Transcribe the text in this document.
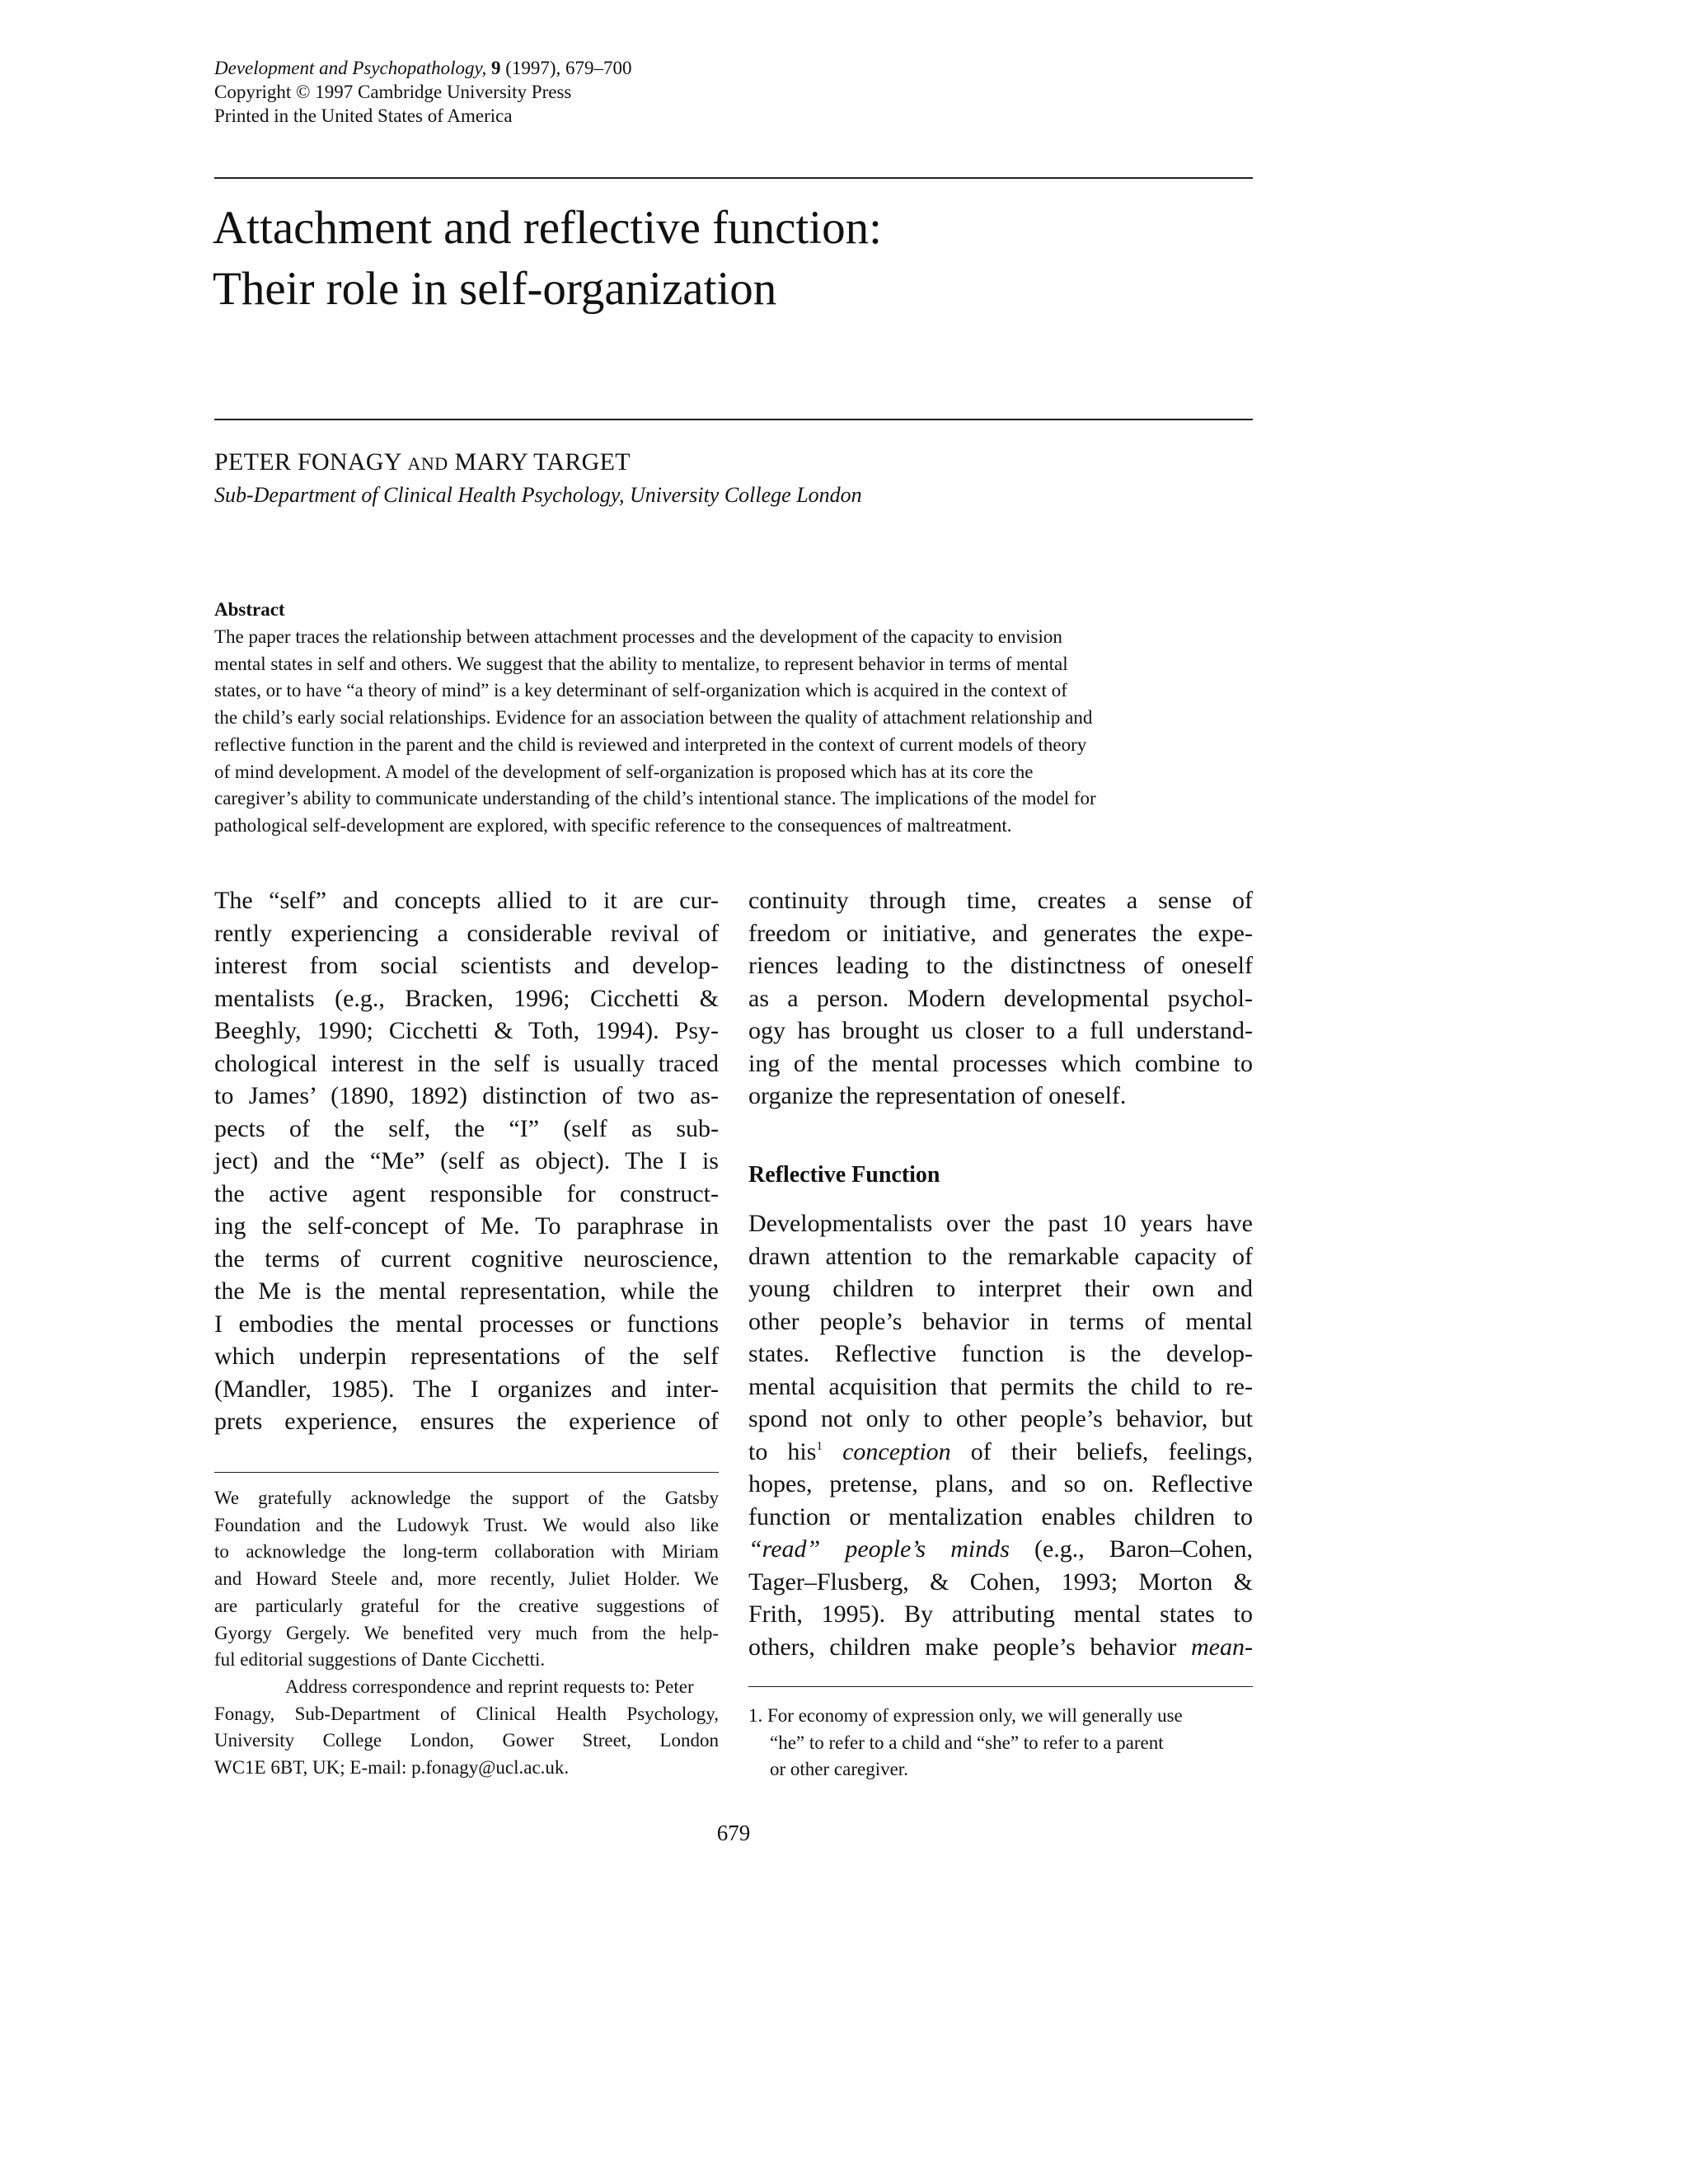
Development and Psychopathology, 9 (1997), 679–700
Copyright © 1997 Cambridge University Press
Printed in the United States of America
Attachment and reflective function:
Their role in self-organization
PETER FONAGY AND MARY TARGET
Sub-Department of Clinical Health Psychology, University College London
Abstract
The paper traces the relationship between attachment processes and the development of the capacity to envision
mental states in self and others. We suggest that the ability to mentalize, to represent behavior in terms of mental
states, or to have “a theory of mind” is a key determinant of self-organization which is acquired in the context of
the child’s early social relationships. Evidence for an association between the quality of attachment relationship and
reflective function in the parent and the child is reviewed and interpreted in the context of current models of theory
of mind development. A model of the development of self-organization is proposed which has at its core the
caregiver’s ability to communicate understanding of the child’s intentional stance. The implications of the model for
pathological self-development are explored, with specific reference to the consequences of maltreatment.
The “self” and concepts allied to it are cur-
rently experiencing a considerable revival of
interest from social scientists and develop-
mentalists (e.g., Bracken, 1996; Cicchetti &
Beeghly, 1990; Cicchetti & Toth, 1994). Psy-
chological interest in the self is usually traced
to James’ (1890, 1892) distinction of two as-
pects of the self, the “I” (self as sub-
ject) and the “Me” (self as object). The I is
the active agent responsible for construct-
ing the self-concept of Me. To paraphrase in
the terms of current cognitive neuroscience,
the Me is the mental representation, while the
I embodies the mental processes or functions
which underpin representations of the self
(Mandler, 1985). The I organizes and inter-
prets experience, ensures the experience of
continuity through time, creates a sense of
freedom or initiative, and generates the expe-
riences leading to the distinctness of oneself
as a person. Modern developmental psychol-
ogy has brought us closer to a full understand-
ing of the mental processes which combine to
organize the representation of oneself.
Reflective Function
Developmentalists over the past 10 years have
drawn attention to the remarkable capacity of
young children to interpret their own and
other people’s behavior in terms of mental
states. Reflective function is the develop-
mental acquisition that permits the child to re-
spond not only to other people’s behavior, but
to his$^1$ conception of their beliefs, feelings,
hopes, pretense, plans, and so on. Reflective
function or mentalization enables children to
“read” people’s minds (e.g., Baron–Cohen,
Tager–Flusberg, & Cohen, 1993; Morton &
Frith, 1995). By attributing mental states to
others, children make people’s behavior mean-
We gratefully acknowledge the support of the Gatsby
Foundation and the Ludowyk Trust. We would also like
to acknowledge the long-term collaboration with Miriam
and Howard Steele and, more recently, Juliet Holder. We
are particularly grateful for the creative suggestions of
Gyorgy Gergely. We benefited very much from the help-
ful editorial suggestions of Dante Cicchetti.
Address correspondence and reprint requests to: Peter
Fonagy, Sub-Department of Clinical Health Psychology,
University College London, Gower Street, London
WC1E 6BT, UK; E-mail: p.fonagy@ucl.ac.uk.
1. For economy of expression only, we will generally use
“he” to refer to a child and “she” to refer to a parent
or other caregiver.
679
